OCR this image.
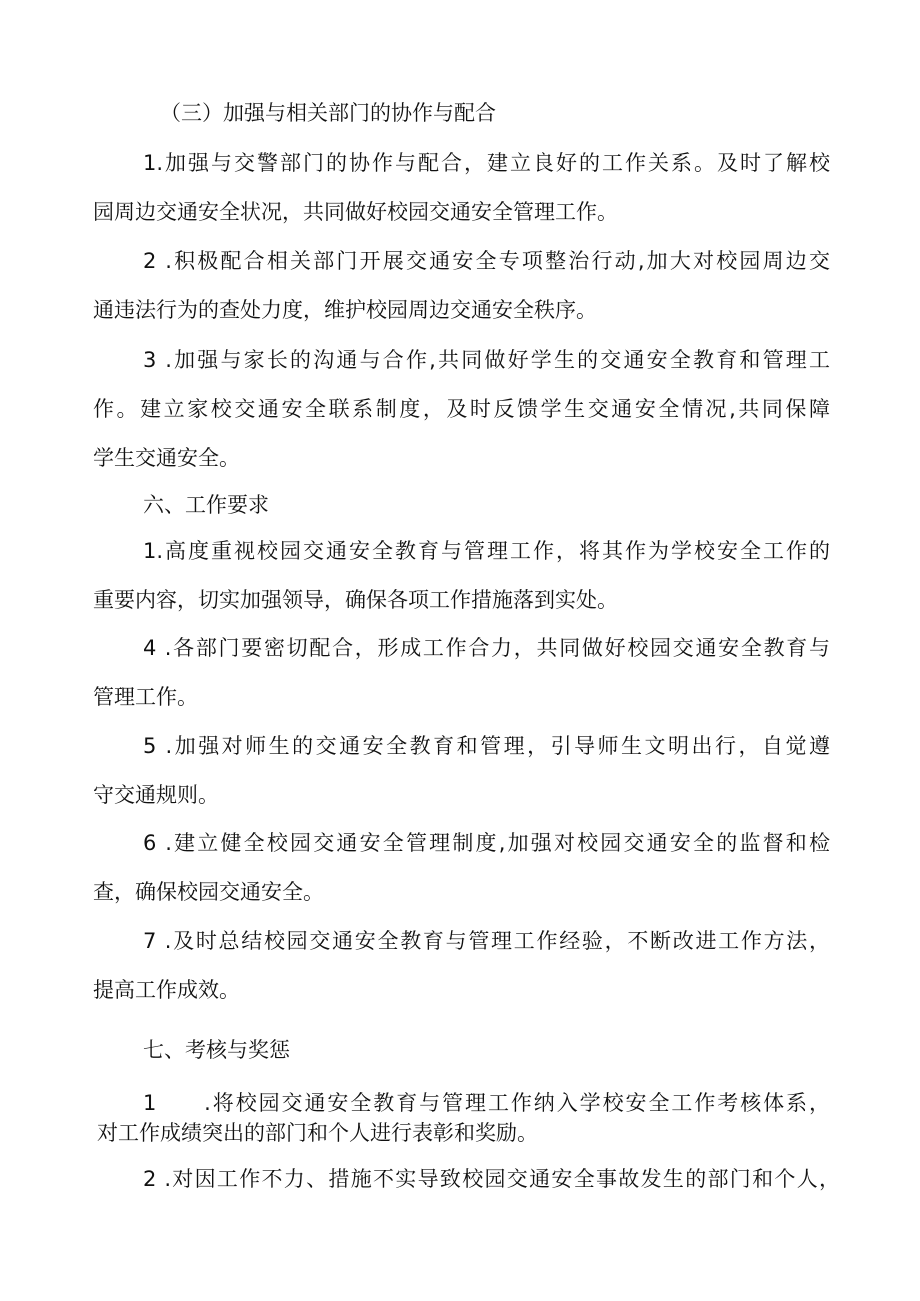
（三）加强与相关部门的协作与配合
1.加强与交警部门的协作与配合，建立良好的工作关系。及时了解校
园周边交通安全状况，共同做好校园交通安全管理工作。
2 .积极配合相关部门开展交通安全专项整治行动,加大对校园周边交
通违法行为的查处力度，维护校园周边交通安全秩序。
3 .加强与家长的沟通与合作,共同做好学生的交通安全教育和管理工
作。建立家校交通安全联系制度，及时反馈学生交通安全情况,共同保障
学生交通安全。
六、工作要求
1.高度重视校园交通安全教育与管理工作，将其作为学校安全工作的
重要内容，切实加强领导，确保各项工作措施落到实处。
4 .各部门要密切配合，形成工作合力，共同做好校园交通安全教育与
管理工作。
5 .加强对师生的交通安全教育和管理，引导师生文明出行，自觉遵
守交通规则。
6 .建立健全校园交通安全管理制度,加强对校园交通安全的监督和检
查，确保校园交通安全。
7 .及时总结校园交通安全教育与管理工作经验，不断改进工作方法，
提高工作成效。
七、考核与奖惩
1　　.将校园交通安全教育与管理工作纳入学校安全工作考核体系，
对工作成绩突出的部门和个人进行表彰和奖励。
2 .对因工作不力、措施不实导致校园交通安全事故发生的部门和个人，
